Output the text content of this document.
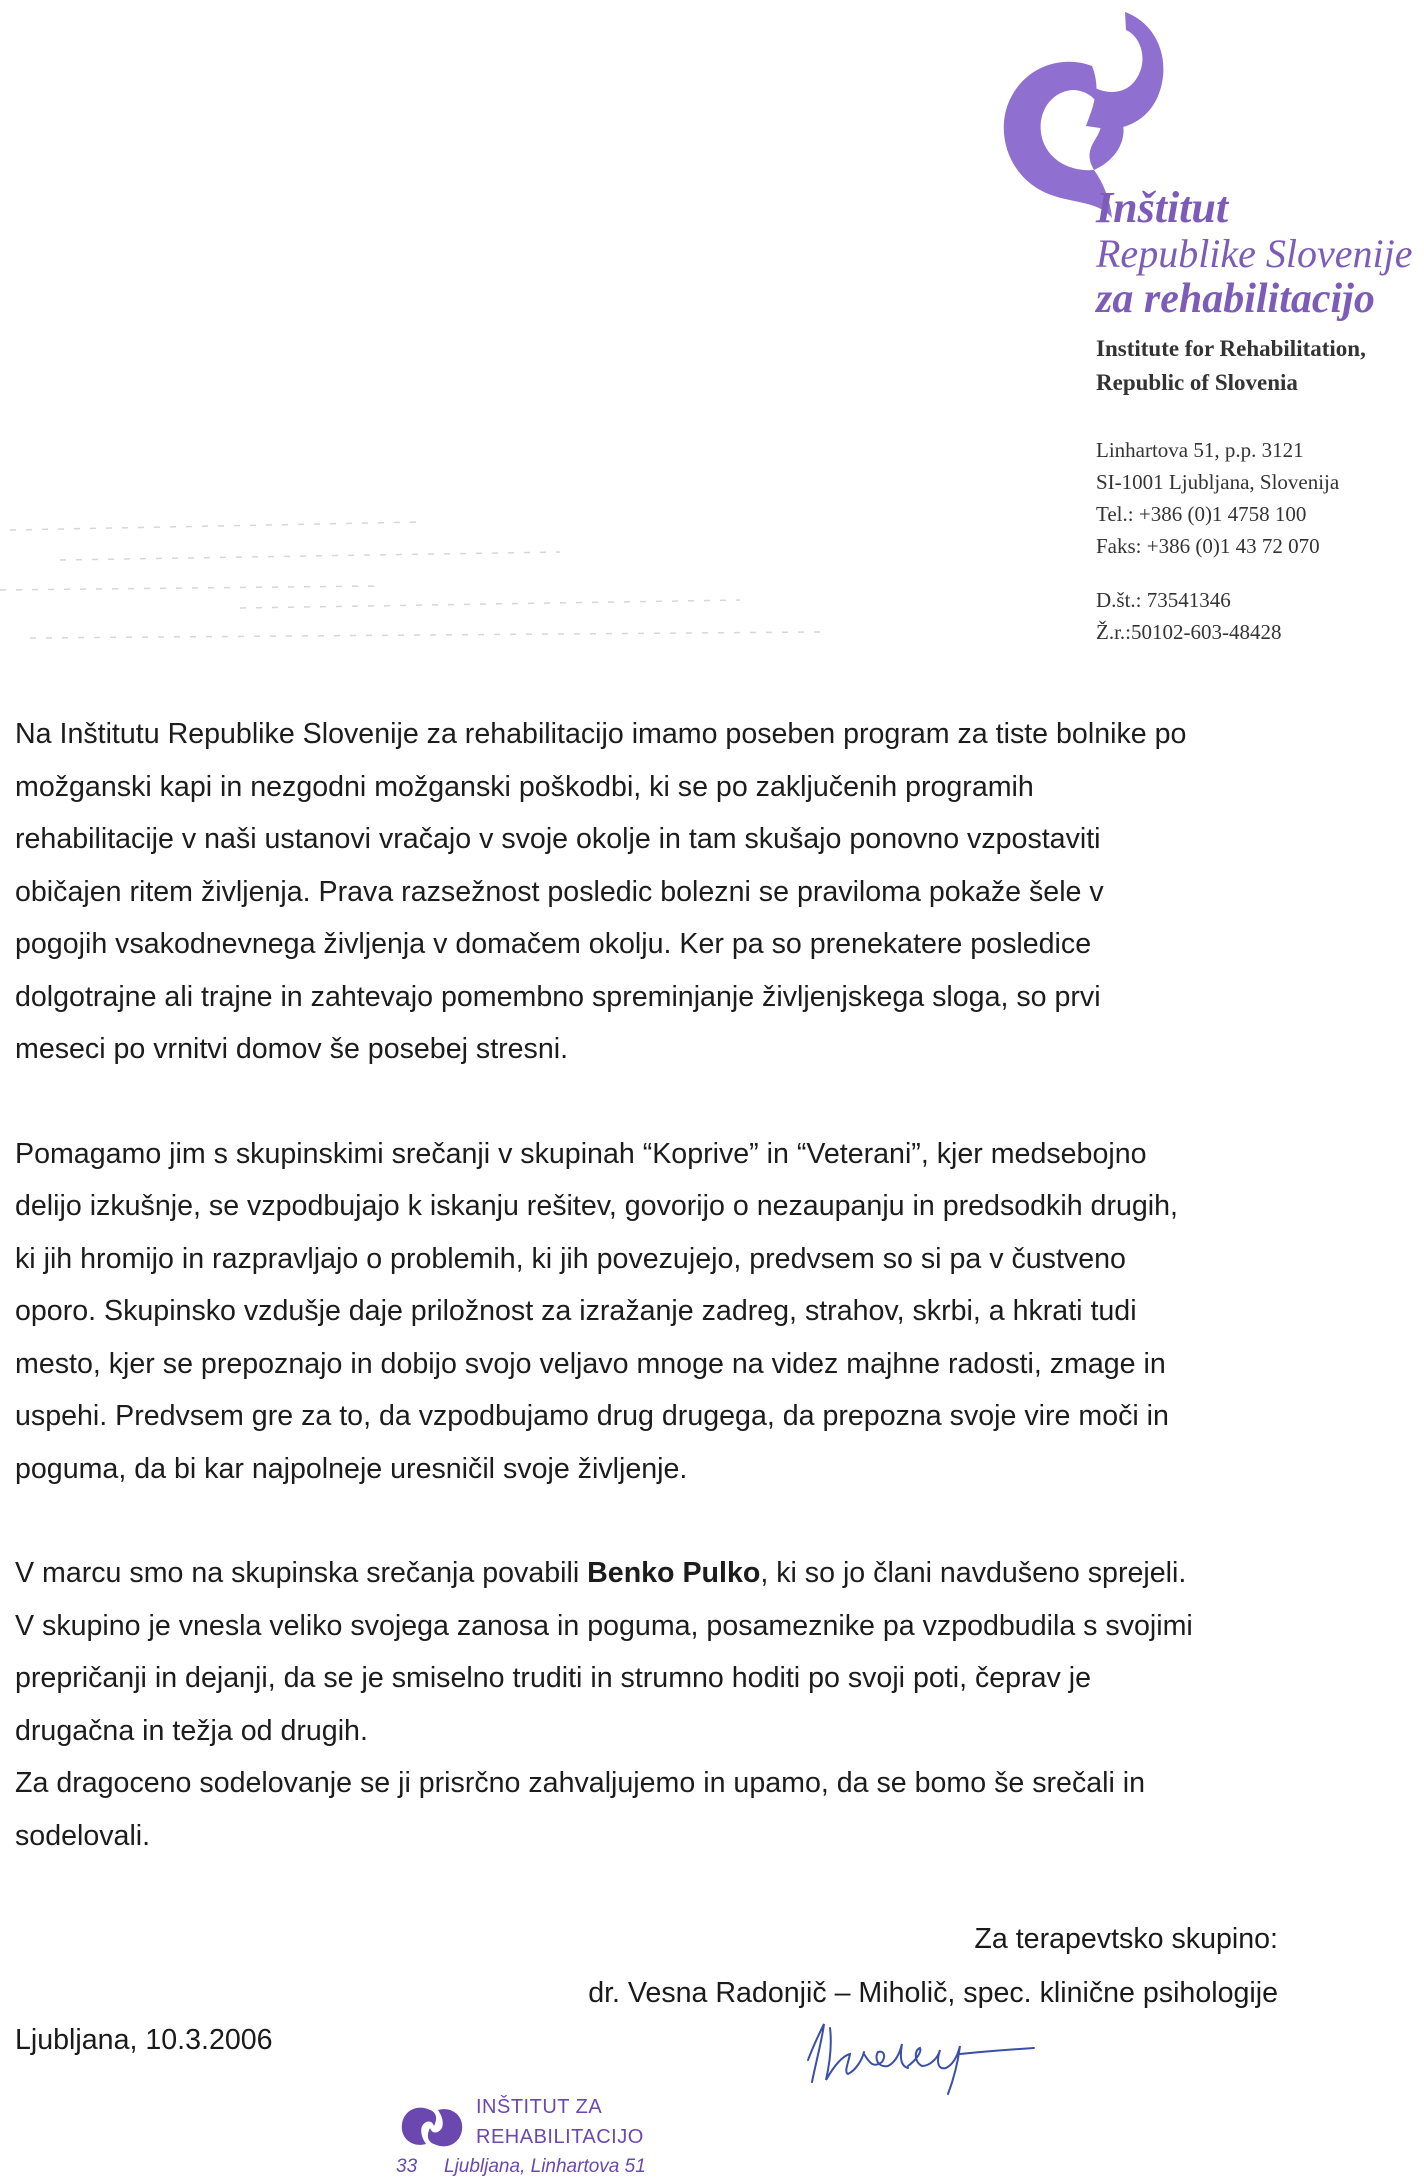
Inštitut
Republike Slovenije
za rehabilitacijo
Institute for Rehabilitation,
Republic of Slovenia
Linhartova 51, p.p. 3121
SI-1001 Ljubljana, Slovenija
Tel.: +386 (0)1 4758 100
Faks: +386 (0)1 43 72 070
D.št.: 73541346
Ž.r.:50102-603-48428

Na Inštitutu Republike Slovenije za rehabilitacijo imamo poseben program za tiste bolnike po
možganski kapi in nezgodni možganski poškodbi, ki se po zaključenih programih
rehabilitacije v naši ustanovi vračajo v svoje okolje in tam skušajo ponovno vzpostaviti
običajen ritem življenja. Prava razsežnost posledic bolezni se praviloma pokaže šele v
pogojih vsakodnevnega življenja v domačem okolju. Ker pa so prenekatere posledice
dolgotrajne ali trajne in zahtevajo pomembno spreminjanje življenjskega sloga, so prvi
meseci po vrnitvi domov še posebej stresni.

Pomagamo jim s skupinskimi srečanji v skupinah “Koprive” in “Veterani”, kjer medsebojno
delijo izkušnje, se vzpodbujajo k iskanju rešitev, govorijo o nezaupanju in predsodkih drugih,
ki jih hromijo in razpravljajo o problemih, ki jih povezujejo, predvsem so si pa v čustveno
oporo. Skupinsko vzdušje daje priložnost za izražanje zadreg, strahov, skrbi, a hkrati tudi
mesto, kjer se prepoznajo in dobijo svojo veljavo mnoge na videz majhne radosti, zmage in
uspehi. Predvsem gre za to, da vzpodbujamo drug drugega, da prepozna svoje vire moči in
poguma, da bi kar najpolneje uresničil svoje življenje.

V marcu smo na skupinska srečanja povabili Benko Pulko, ki so jo člani navdušeno sprejeli.
V skupino je vnesla veliko svojega zanosa in poguma, posameznike pa vzpodbudila s svojimi
prepričanji in dejanji, da se je smiselno truditi in strumno hoditi po svoji poti, čeprav je
drugačna in težja od drugih.
Za dragoceno sodelovanje se ji prisrčno zahvaljujemo in upamo, da se bomo še srečali in
sodelovali.

Za terapevtsko skupino:
dr. Vesna Radonjič – Miholič, spec. klinične psihologije
Ljubljana, 10.3.2006
INŠTITUT ZA
REHABILITACIJO
33 Ljubljana, Linhartova 51
